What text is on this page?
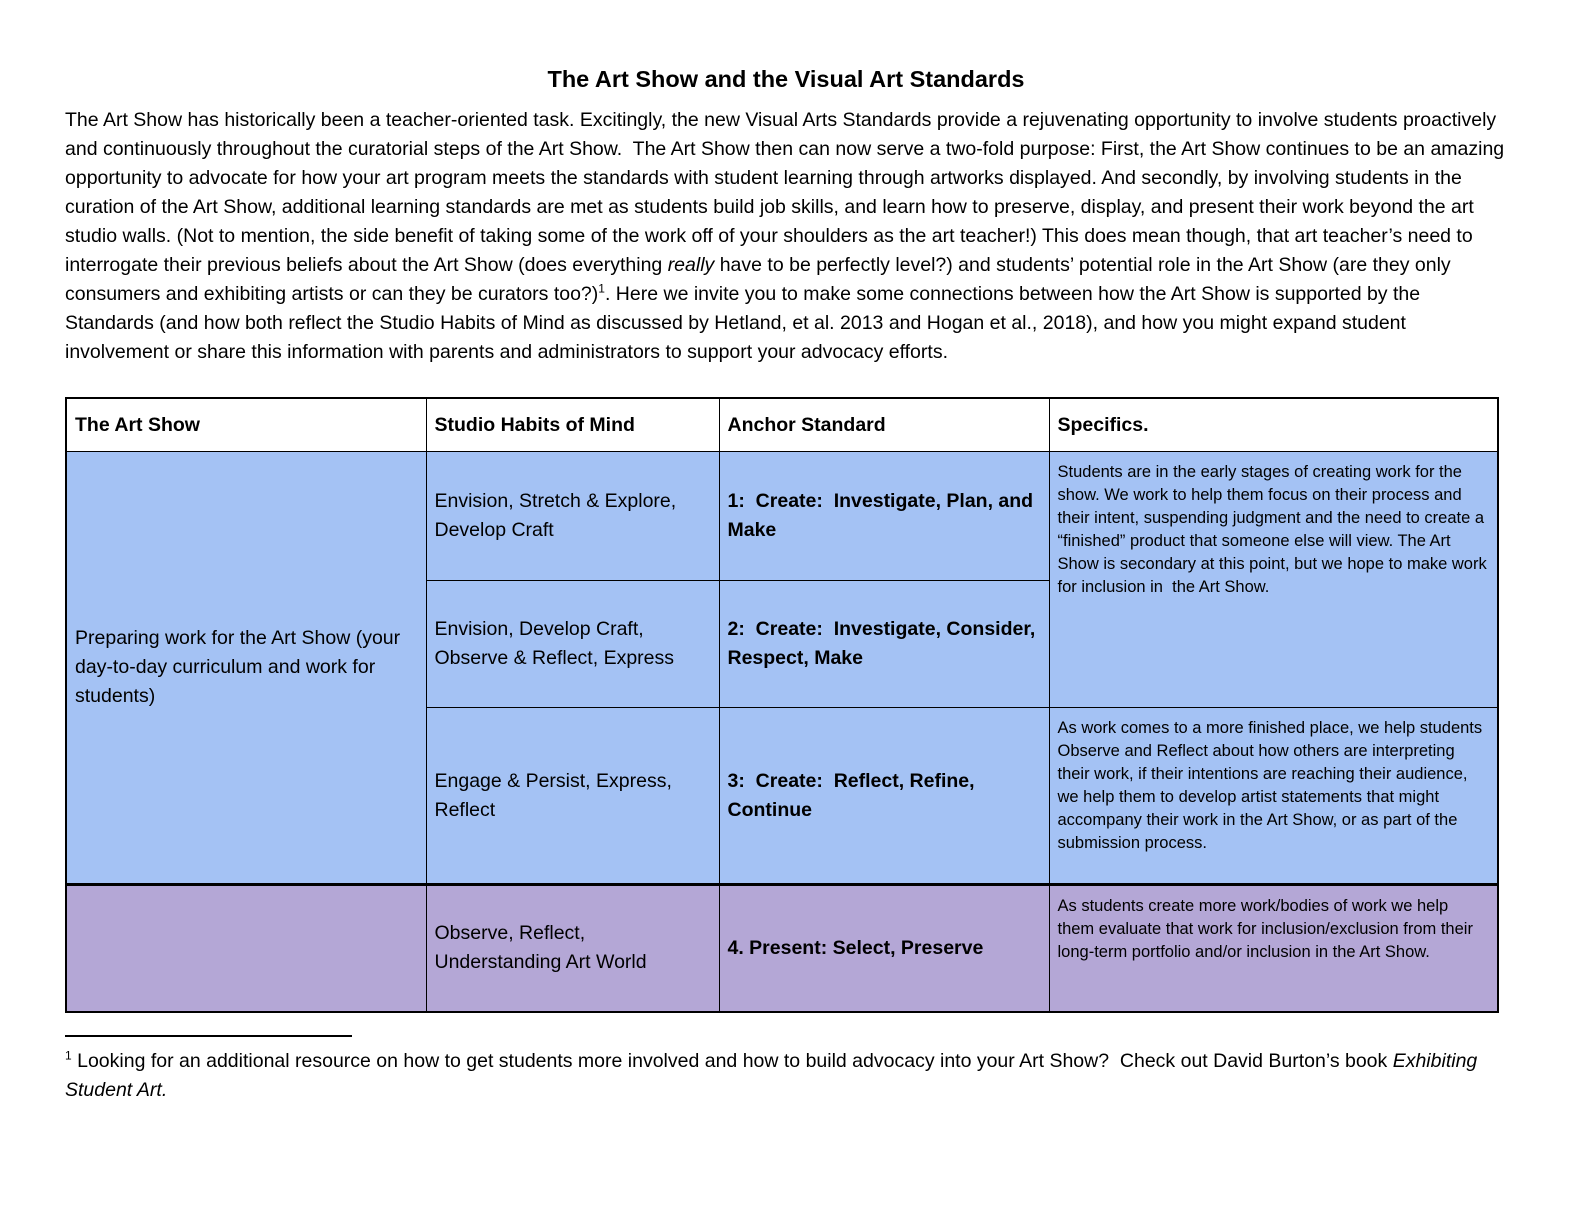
The Art Show and the Visual Art Standards

The Art Show has historically been a teacher-oriented task. Excitingly, the new Visual Arts Standards provide a rejuvenating opportunity to involve students proactively and continuously throughout the curatorial steps of the Art Show.  The Art Show then can now serve a two-fold purpose: First, the Art Show continues to be an amazing opportunity to advocate for how your art program meets the standards with student learning through artworks displayed. And secondly, by involving students in the curation of the Art Show, additional learning standards are met as students build job skills, and learn how to preserve, display, and present their work beyond the art studio walls. (Not to mention, the side benefit of taking some of the work off of your shoulders as the art teacher!) This does mean though, that art teacher’s need to interrogate their previous beliefs about the Art Show (does everything really have to be perfectly level?) and students’ potential role in the Art Show (are they only consumers and exhibiting artists or can they be curators too?)$^1$. Here we invite you to make some connections between how the Art Show is supported by the Standards (and how both reflect the Studio Habits of Mind as discussed by Hetland, et al. 2013 and Hogan et al., 2018), and how you might expand student involvement or share this information with parents and administrators to support your advocacy efforts.

The Art Show	Studio Habits of Mind	Anchor Standard	Specifics.
Preparing work for the Art Show (your day-to-day curriculum and work for students)	Envision, Stretch & Explore, Develop Craft	1:  Create:  Investigate, Plan, and Make	Students are in the early stages of creating work for the show. We work to help them focus on their process and their intent, suspending judgment and the need to create a “finished” product that someone else will view. The Art Show is secondary at this point, but we hope to make work for inclusion in  the Art Show.
	Envision, Develop Craft, Observe & Reflect, Express	2:  Create:  Investigate, Consider, Respect, Make	
	Engage & Persist, Express, Reflect	3:  Create:  Reflect, Refine, Continue	As work comes to a more finished place, we help students Observe and Reflect about how others are interpreting their work, if their intentions are reaching their audience, we help them to develop artist statements that might accompany their work in the Art Show, or as part of the submission process.
	Observe, Reflect, Understanding Art World	4. Present: Select, Preserve	As students create more work/bodies of work we help them evaluate that work for inclusion/exclusion from their long-term portfolio and/or inclusion in the Art Show.

$^1$ Looking for an additional resource on how to get students more involved and how to build advocacy into your Art Show?  Check out David Burton’s book Exhibiting Student Art.
